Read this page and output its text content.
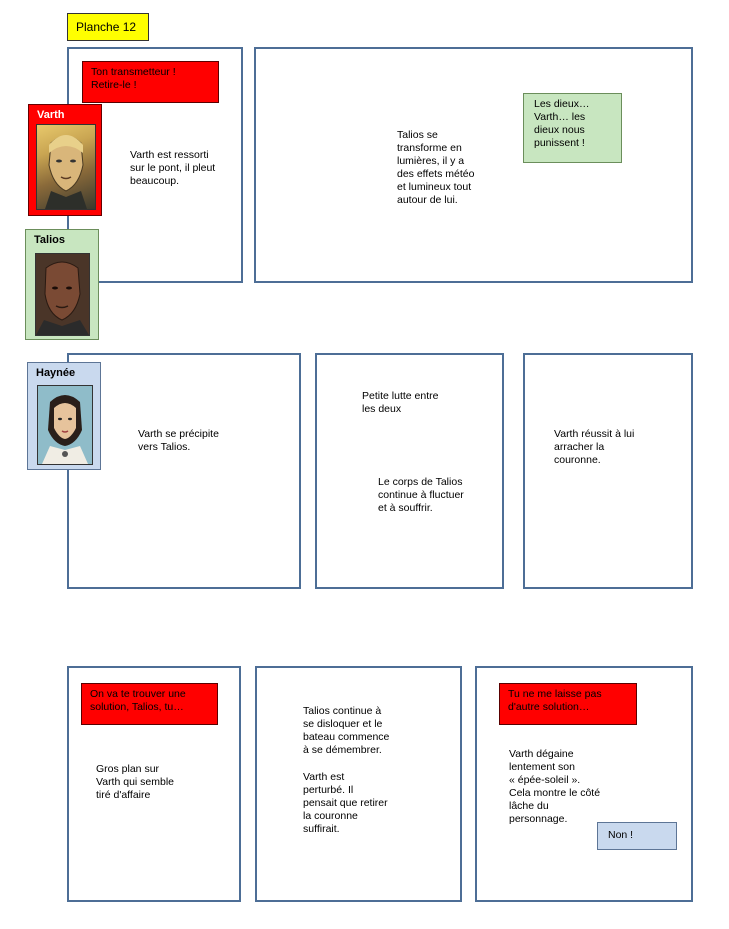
Planche 12
Ton transmetteur !
Retire-le !
Varth est ressorti
sur le pont, il pleut
beaucoup.
Talios se
transforme en
lumières, il y a
des effets météo
et lumineux tout
autour de lui.
Les dieux…
Varth… les
dieux nous
punissent !
Varth
Talios
Varth se précipite
vers Talios.
Petite lutte entre
les deux
Le corps de Talios
continue à fluctuer
et à souffrir.
Varth réussit à lui
arracher la
couronne.
Haynée
On va te trouver une
solution, Talios, tu…
Gros plan sur
Varth qui semble
tiré d'affaire
Talios continue à
se disloquer et le
bateau commence
à se démembrer.
Varth est
perturbé. Il
pensait que retirer
la couronne
suffirait.
Tu ne me laisse pas
d'autre solution…
Varth dégaine
lentement son
« épée-soleil ».
Cela montre le côté
lâche du
personnage.
Non !
